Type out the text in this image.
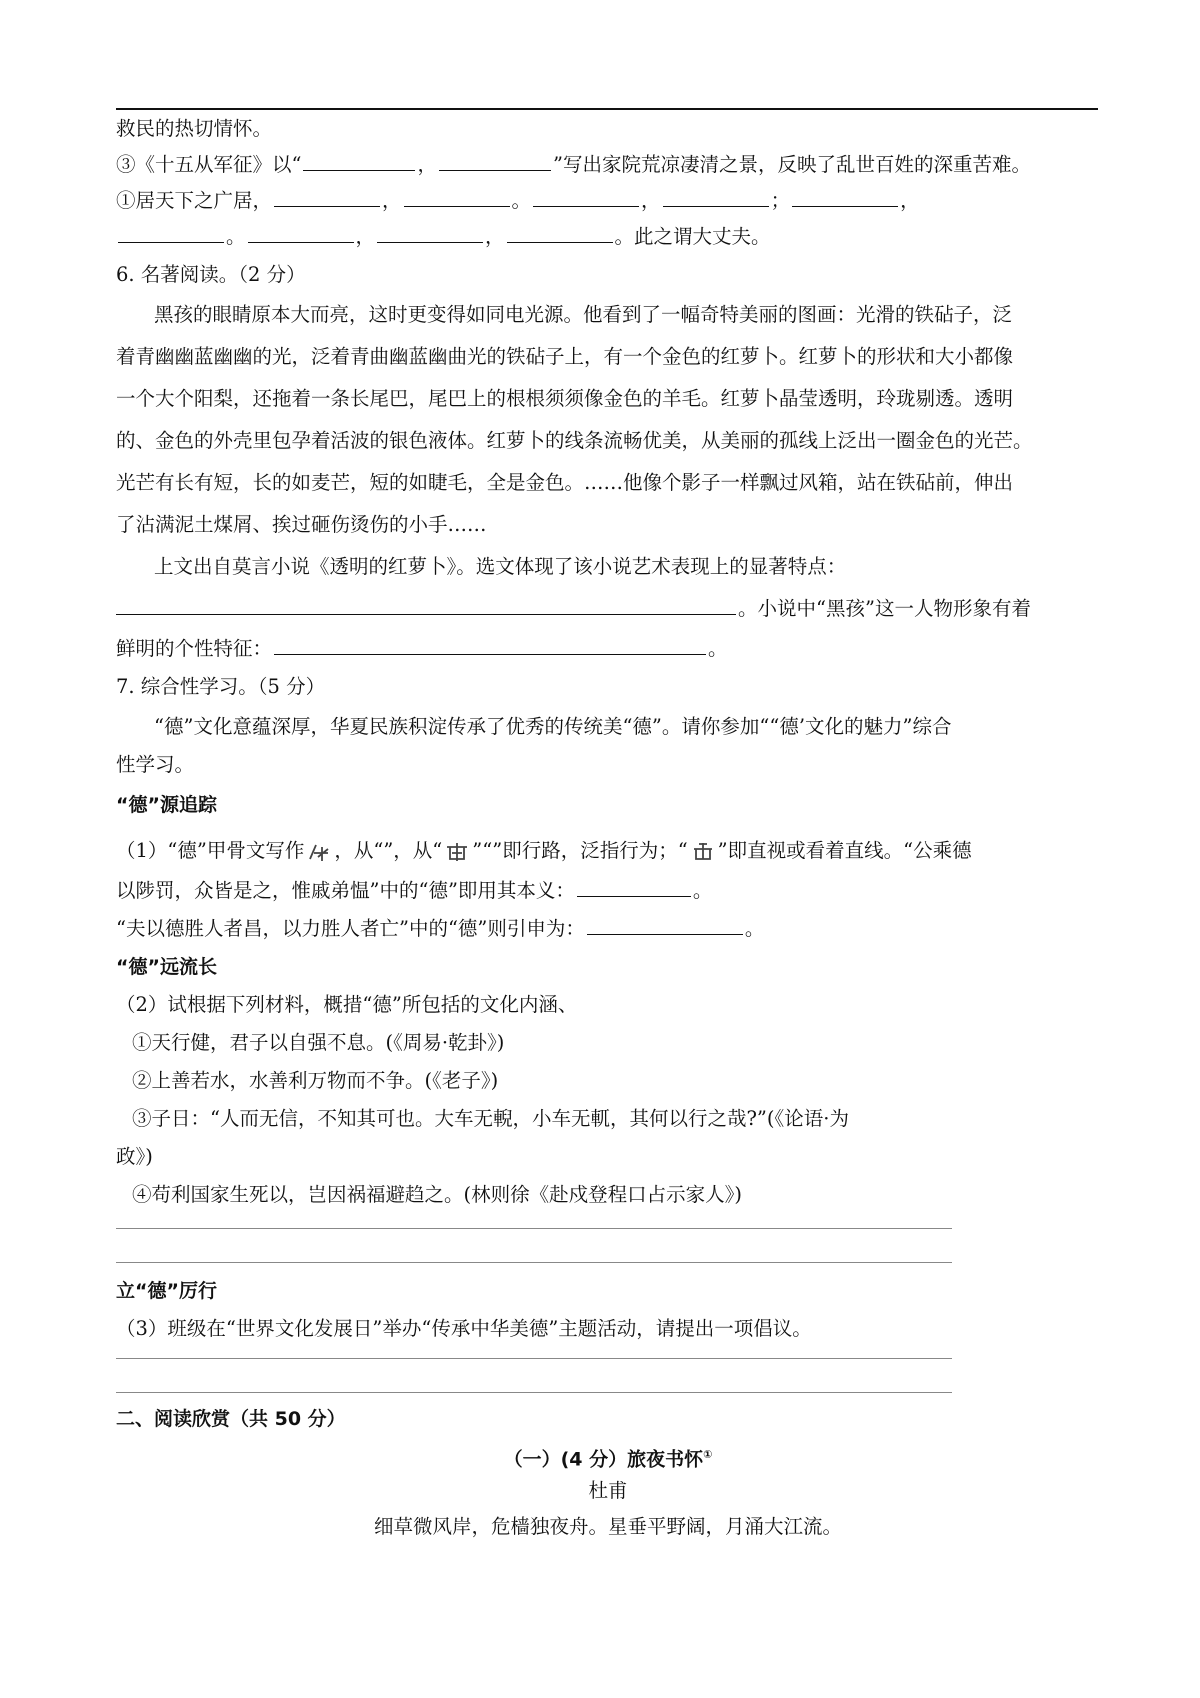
救民的热切情怀。
③《十五从军征》以“	，	”写出家院荒凉凄清之景，反映了乱世百姓的深重苦难。
①居天下之广居，	，	。	，	；	，
。	，	，	。此之谓大丈夫。
6. 名著阅读。（2 分）
黑孩的眼睛原本大而亮，这时更变得如同电光源。他看到了一幅奇特美丽的图画：光滑的铁砧子，泛
着青幽幽蓝幽幽的光，泛着青曲幽蓝幽曲光的铁砧子上，有一个金色的红萝卜。红萝卜的形状和大小都像
一个大个阳梨，还拖着一条长尾巴，尾巴上的根根须须像金色的羊毛。红萝卜晶莹透明，玲珑剔透。透明
的、金色的外壳里包孕着活波的银色液体。红萝卜的线条流畅优美，从美丽的孤线上泛出一圈金色的光芒。
光芒有长有短，长的如麦芒，短的如睫毛，全是金色。……他像个影子一样飘过风箱，站在铁砧前，伸出
了沾满泥土煤屑、挨过砸伤烫伤的小手……
上文出自莫言小说《透明的红萝卜》。选文体现了该小说艺术表现上的显著特点：
。小说中“黑孩”这一人物形象有着
鲜明的个性特征：	。
7. 综合性学习。（5 分）
“德”文化意蕴深厚，华夏民族积淀传承了优秀的传统美“德”。请你参加““德’文化的魅力”综合
性学习。
“德”源追踪
（1）“德”甲骨文写作 ，从“”，从“ ”“”即行路，泛指行为；“ ”即直视或看着直线。“公乘德
以陟罚，众皆是之，惟戚弟愠”中的“德”即用其本义：	。
“夫以德胜人者昌，以力胜人者亡”中的“德”则引申为：	。
“德”远流长
（2）试根据下列材料，概措“德”所包括的文化内涵、
①天行健，君子以自强不息。(《周易·乾卦》)
②上善若水，水善利万物而不争。(《老子》)
③子日：“人而无信，不知其可也。大车无輗，小车无軏，其何以行之哉?”(《论语·为
政》)
④苟利国家生死以，岂因祸福避趋之。(林则徐《赴戍登程口占示家人》)
立“德”厉行
（3）班级在“世界文化发展日”举办“传承中华美德”主题活动，请提出一项倡议。
二、阅读欣赏（共 50 分）
（一）(4 分）旅夜书怀①
杜甫
细草微风岸，危樯独夜舟。星垂平野阔，月涌大江流。
